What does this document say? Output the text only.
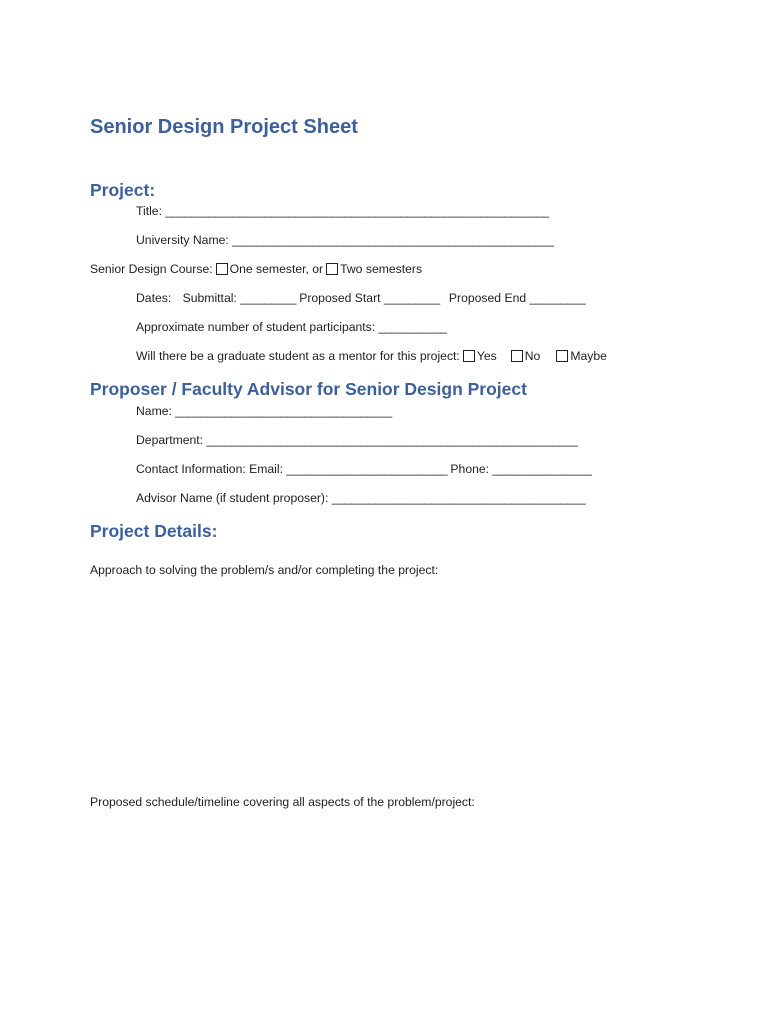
Senior Design Project Sheet
Project:
Title: ______________________________________________________________
University Name: ____________________________________________________
Senior Design Course: One semester, or Two semesters
Dates: Submittal: _________ Proposed Start _________ Proposed End _________
Approximate number of student participants: ___________
Will there be a graduate student as a mentor for this project: Yes No Maybe
Proposer / Faculty Advisor for Senior Design Project
Name: ___________________________________
Department: ____________________________________________________________
Contact Information: Email: __________________________ Phone: ________________
Advisor Name (if student proposer): _________________________________________
Project Details:
Approach to solving the problem/s and/or completing the project:
Proposed schedule/timeline covering all aspects of the problem/project:
